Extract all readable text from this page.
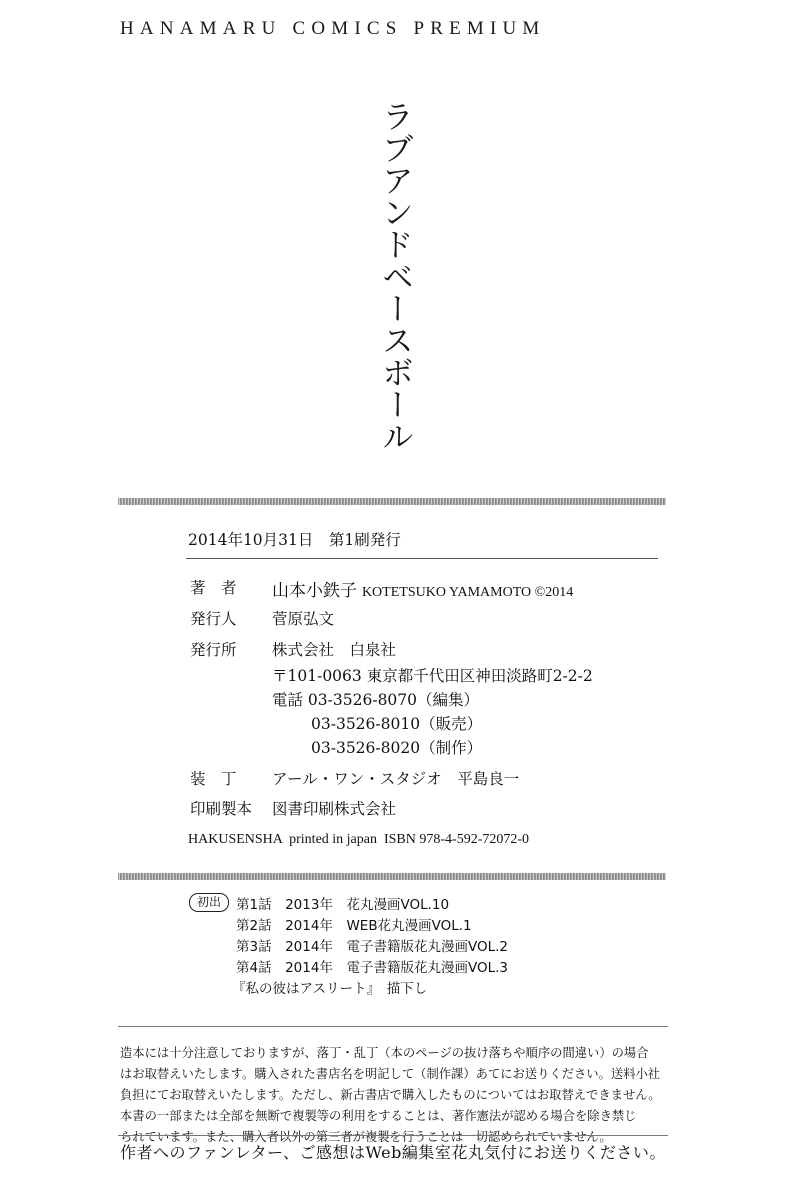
HANAMARU COMICS PREMIUM
ラブアンドベースボール
2014年10月31日　第1刷発行
著　者	山本小鉄子 KOTETSUKO YAMAMOTO ©2014
発行人	菅原弘文
発行所	株式会社　白泉社
〒101-0063 東京都千代田区神田淡路町2-2-2
電話 03-3526-8070（編集）
03-3526-8010（販売）
03-3526-8020（制作）
装　丁	アール・ワン・スタジオ　平島良一
印刷製本	図書印刷株式会社
HAKUSENSHA  printed in japan  ISBN 978-4-592-72072-0
初出	第1話　2013年　花丸漫画VOL.10
第2話　2014年　WEB花丸漫画VOL.1
第3話　2014年　電子書籍版花丸漫画VOL.2
第4話　2014年　電子書籍版花丸漫画VOL.3
『私の彼はアスリート』　描下し
造本には十分注意しておりますが、落丁・乱丁（本のページの抜け落ちや順序の間違い）の場合
はお取替えいたします。購入された書店名を明記して（制作課）あてにお送りください。送料小社
負担にてお取替えいたします。ただし、新古書店で購入したものについてはお取替えできません。
本書の一部または全部を無断で複製等の利用をすることは、著作憲法が認める場合を除き禁じ
られています。また、購入者以外の第三者が複製を行うことは一切認められていません。
作者へのファンレター、ご感想はWeb編集室花丸気付にお送りください。
